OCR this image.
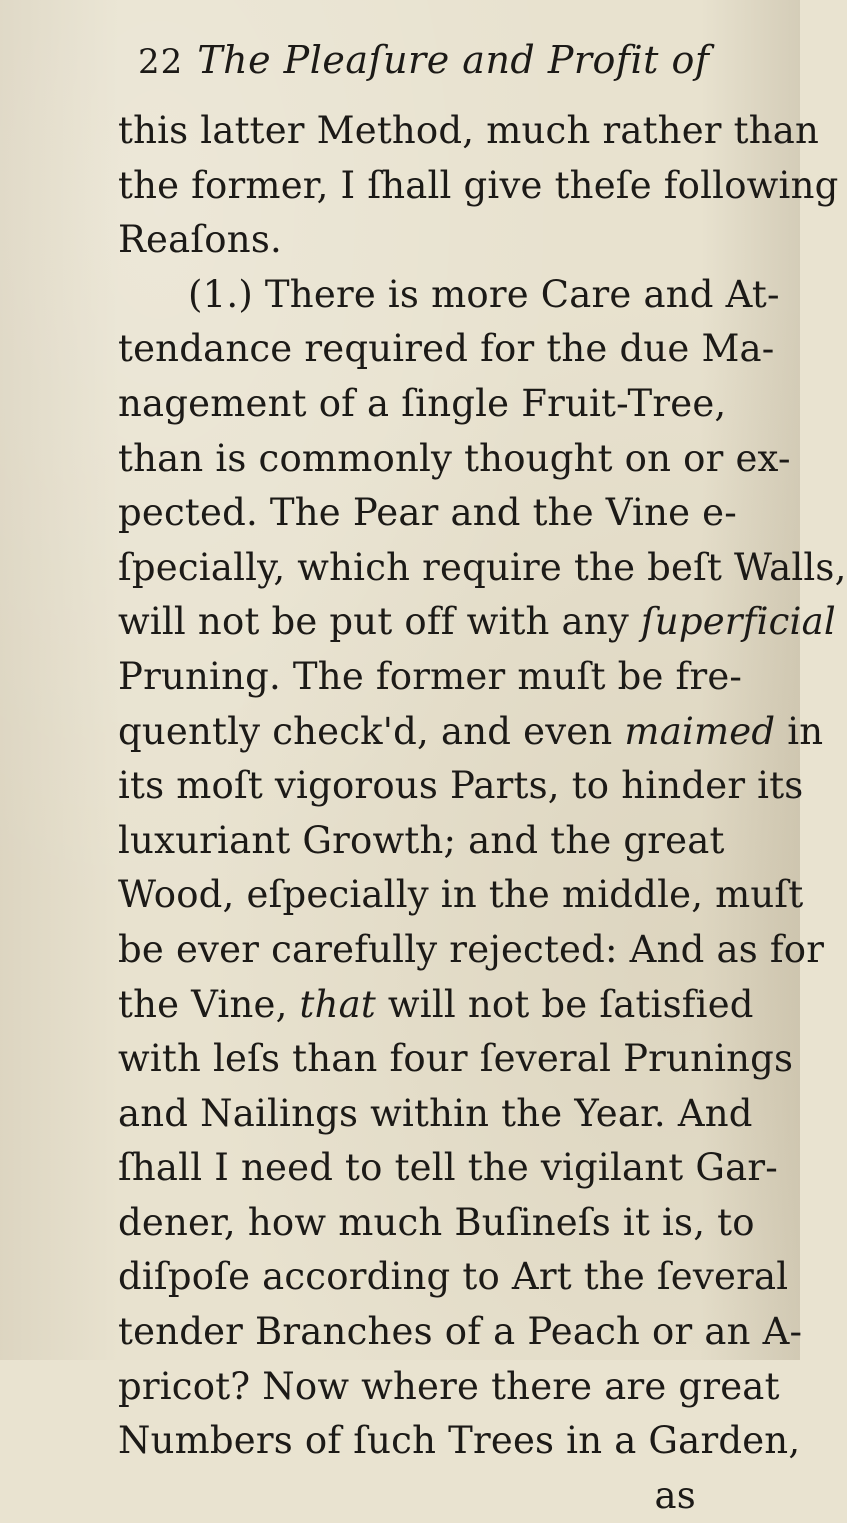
22 The Pleaſure and Profit of
this latter Method, much rather than
the former, I ſhall give theſe following
Reaſons.
(1.) There is more Care and At-
tendance required for the due Ma-
nagement of a ſingle Fruit-Tree,
than is commonly thought on or ex-
pected. The Pear and the Vine e-
ſpecially, which require the beſt Walls,
will not be put off with any ſuperficial
Pruning. The former muſt be fre-
quently check'd, and even maimed in
its moſt vigorous Parts, to hinder its
luxuriant Growth; and the great
Wood, eſpecially in the middle, muſt
be ever carefully rejected: And as for
the Vine, that will not be ſatisfied
with leſs than four ſeveral Prunings
and Nailings within the Year. And
ſhall I need to tell the vigilant Gar-
dener, how much Buſineſs it is, to
diſpoſe according to Art the ſeveral
tender Branches of a Peach or an A-
pricot? Now where there are great
Numbers of ſuch Trees in a Garden,
as
